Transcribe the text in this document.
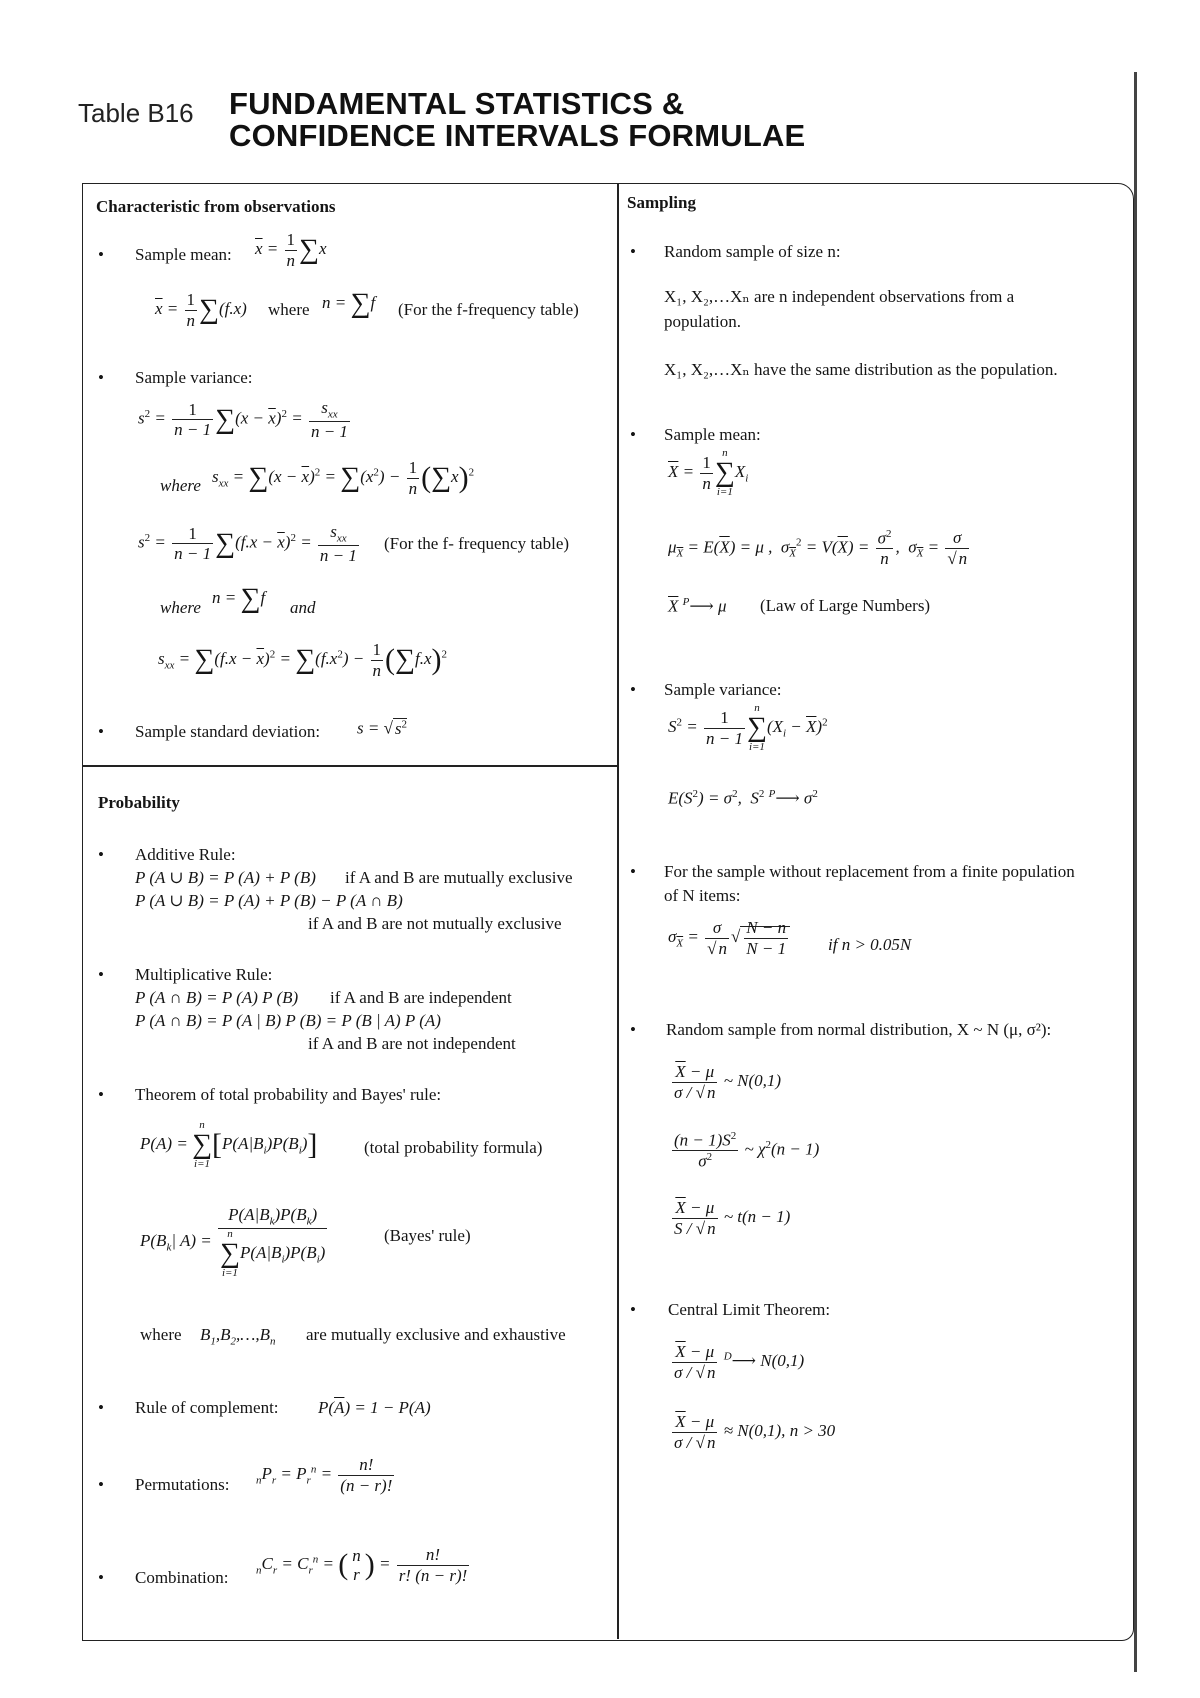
Table B16 FUNDAMENTAL STATISTICS &
CONFIDENCE INTERVALS FORMULAE
Characteristic from observations
• Sample mean: $\overline{x} = \frac{1}{n} \sum x$
$\overline{x} = \frac{1}{n} \sum(f.x)$ where n = ∑f (For the f-frequency table)
• Sample variance:
$s^2 = \frac{1}{n - 1} \sum(x - \overline{x})^2$ =
$s_{xx}$
n − 1
where $s_{xx} = \sum(x - \overline{x})^2 = \sum(x^2) - \frac{1}{n} (\sum x)^2$
$s^2 = \frac{1}{n - 1} \sum(f.x - \overline{x})^2$ =
$s_{xx}$
n − 1
(For the f- frequency table)
where
n = ∑f
and
$s_{xx} = \sum(f.x - \overline{x})^2 = \sum(f.x^2) - \frac{1}{n} (\sum f.x)^2$
• Sample standard deviation: s = √ $s^2$
Probability
• Additive Rule:
P (A ∪ B) = P (A) + P (B) if A and B are mutually exclusive
P (A ∪ B) = P (A) + P (B) − P (A ∩ B)
if A and B are not mutually exclusive
• Multiplicative Rule:
P (A ∩ B) = P (A) P (B) if A and B are independent
P (A ∩ B) = P (A | B) P (B) = P (B | A) P (A)
if A and B are not independent
• Theorem of total probability and Bayes' rule:
P(A) =
n
∑
i=1
$[P(A|B_i)P(B_i)]$	(total probability formula)
$P(B_k|$ $A) = P(A|B_k)P(B_k)$
n
∑
i=1
$P(A|B_i)P(B_i)$	(Bayes' rule)
where $B_1,B_2,\dots,B_n$ are mutually exclusive and exhaustive
• Rule of complement: $P(\overline{A}) = 1 - P(A)$
• Permutations: $_nP_r = P_r^n = \frac{n!}{(n - r)!}$
• Combination:	$_nC_r = C_r^n$ = ( n
r ) = $\frac{n!}{r! (n - r)!}$
Sampling
• Random sample of size n:
X₁, X₂,…Xₙ are n independent observations from a
population.
X₁, X₂,…Xₙ have the same distribution as the population.
• Sample mean:
$\overline{X} = \frac{1}{n}$ n
∑
i=1
$X_i$
$\mu_{\overline{X}} = E(\overline{X}) = \mu$ ,  $\sigma_{\overline{X}}^2 = V(\overline{X}) = \frac{\sigma^2}{n}$ ,  $\sigma_{\overline{X}} = \frac{\sigma}{√ n}$
$\overline{X}$ $^P$⟶ μ (Law of Large Numbers)
• Sample variance:
$S^2 = \frac{1}{n - 1}$ n
∑
i=1
$(X_i - \overline{X})^2$
$E(S^2) = \sigma^2$,  $S^2$ $^P$⟶ $\sigma^2$
• For the sample without replacement from a finite population
of N items:
$\sigma_{\overline{X}} = \frac{\sigma}{√ n}$ √ $\frac{N - n}{N - 1}$ if n > 0.05N
• Random sample from normal distribution, X ~ N (μ, σ²):
$\frac{\overline{X} - \mu}{\sigma / √ n}$ ~ N(0,1)
$\frac{(n - 1)S^2}{\sigma^2}$ ~ $\chi^2(n - 1)$
$\frac{\overline{X} - \mu}{S / √ n}$ ~ t(n − 1)
• Central Limit Theorem:
$\frac{\overline{X} - \mu}{\sigma / √ n}$ $^D$⟶ N(0,1)
$\frac{\overline{X} - \mu}{\sigma / √ n} \approx N(0,1)$, n > 30
